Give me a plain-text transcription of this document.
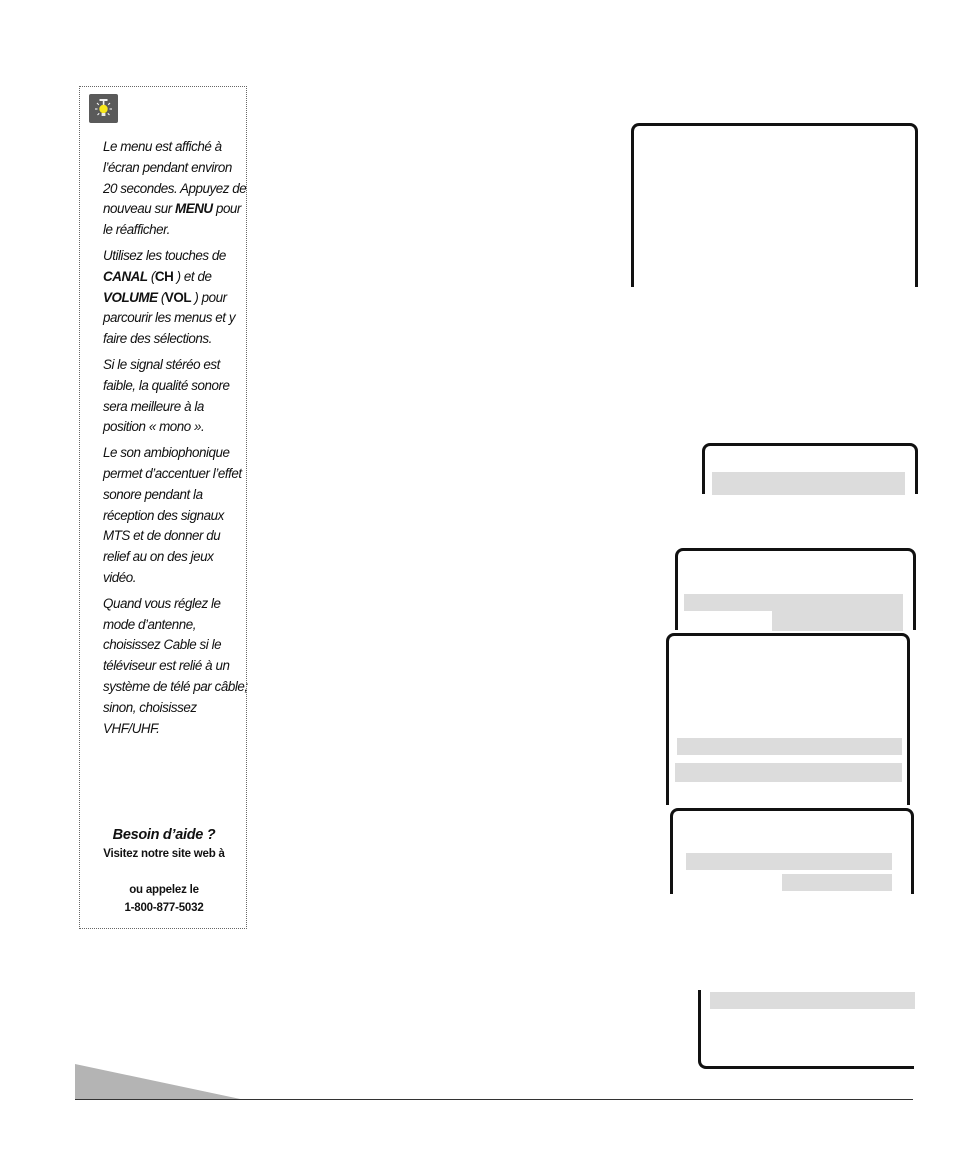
Le menu est affiché à l’écran pendant environ 20 secondes. Appuyez de nouveau sur MENU pour le réafficher.

Utilisez les touches de CANAL (CH ) et de VOLUME (VOL ) pour parcourir les menus et y faire des sélections.

Si le signal stéréo est faible, la qualité sonore sera meilleure à la position « mono ».

Le son ambiophonique permet d’accentuer l’effet sonore pendant la réception des signaux MTS et de donner du relief au on des jeux vidéo.

Quand vous réglez le mode d’antenne, choisissez Cable si le téléviseur est relié à un système de télé par câble; sinon, choisissez VHF/UHF.

Besoin d’aide ?
Visitez notre site web à
ou appelez le
1-800-877-5032
